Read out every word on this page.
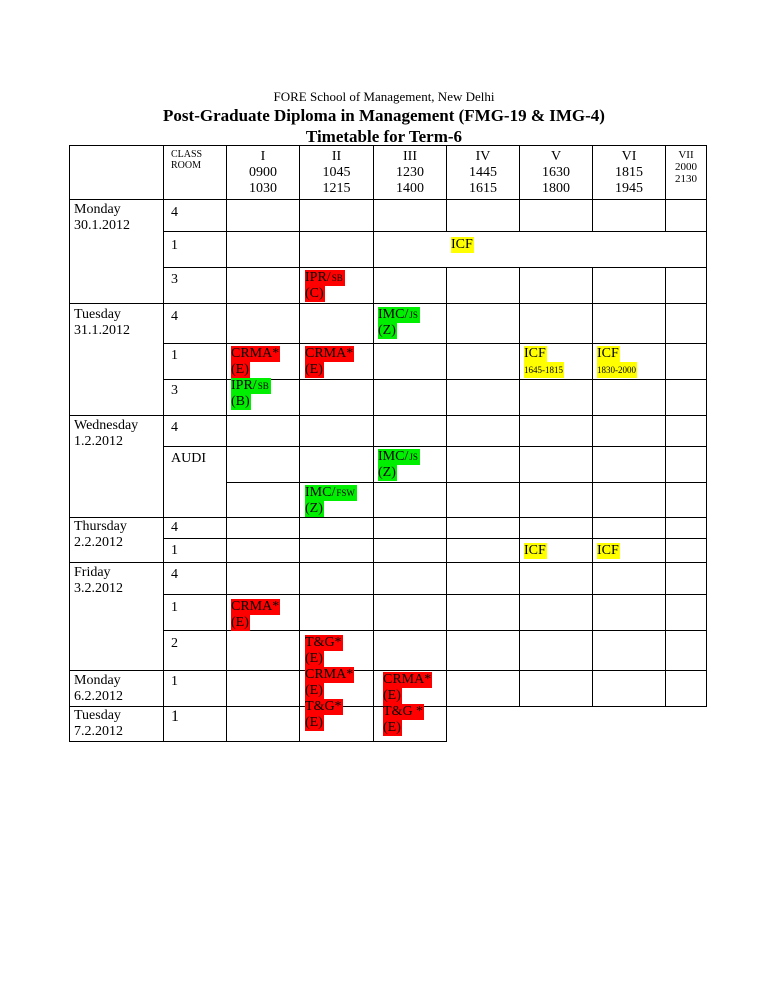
FORE School of Management, New Delhi
Post-Graduate Diploma in Management (FMG-19 & IMG-4)
Timetable for Term-6
CLASS
ROOM
I
0900
1030
II
1045
1215
III
1230
1400
IV
1445
1615
V
1630
1800
VI
1815
1945
VII
2000
2130
Monday
30.1.2012
Tuesday
31.1.2012
Wednesday
1.2.2012
Thursday
2.2.2012
Friday
3.2.2012
Monday
6.2.2012
Tuesday
7.2.2012
4
1
3
4
1
3
4
AUDI
4
1
4
1
2
1
1
ICF
IPR/SB
(C)
IMC/JS
(Z)
CRMA*
(E)
IPR/SB
(B)
CRMA*
(E)
ICF
1645-1815
ICF
1830-2000
IMC/JS
(Z)
IMC/FSW
(Z)
ICF	ICF
CRMA*
(E)
T&G*
(E)
CRMA*
(E)
T&G*
(E)
CRMA*
(E)
T&G *
(E)
